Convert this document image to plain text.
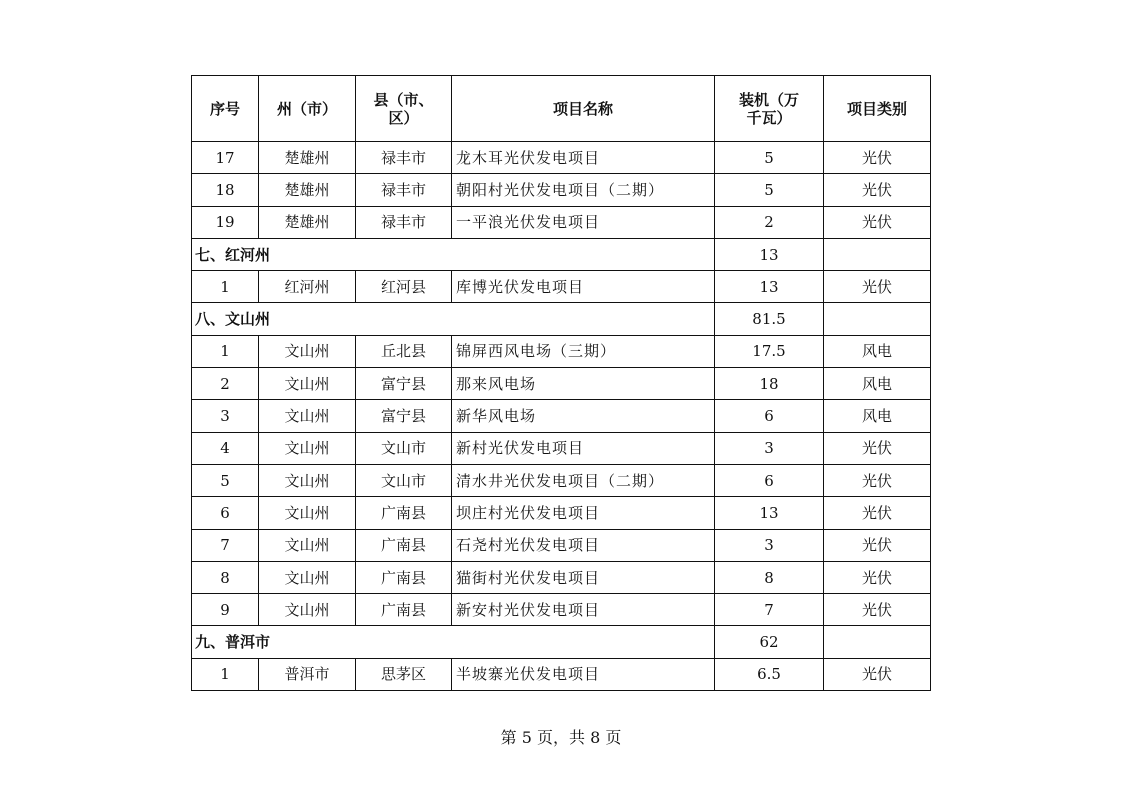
序号	州（市）	县（市、区）	项目名称	装机（万千瓦）	项目类别
17	楚雄州	禄丰市	龙木耳光伏发电项目	5	光伏
18	楚雄州	禄丰市	朝阳村光伏发电项目（二期）	5	光伏
19	楚雄州	禄丰市	一平浪光伏发电项目	2	光伏
七、红河州				13	
1	红河州	红河县	库博光伏发电项目	13	光伏
八、文山州				81.5	
1	文山州	丘北县	锦屏西风电场（三期）	17.5	风电
2	文山州	富宁县	那来风电场	18	风电
3	文山州	富宁县	新华风电场	6	风电
4	文山州	文山市	新村光伏发电项目	3	光伏
5	文山州	文山市	清水井光伏发电项目（二期）	6	光伏
6	文山州	广南县	坝庄村光伏发电项目	13	光伏
7	文山州	广南县	石尧村光伏发电项目	3	光伏
8	文山州	广南县	猫街村光伏发电项目	8	光伏
9	文山州	广南县	新安村光伏发电项目	7	光伏
九、普洱市				62	
1	普洱市	思茅区	半坡寨光伏发电项目	6.5	光伏
第 5 页，共 8 页
